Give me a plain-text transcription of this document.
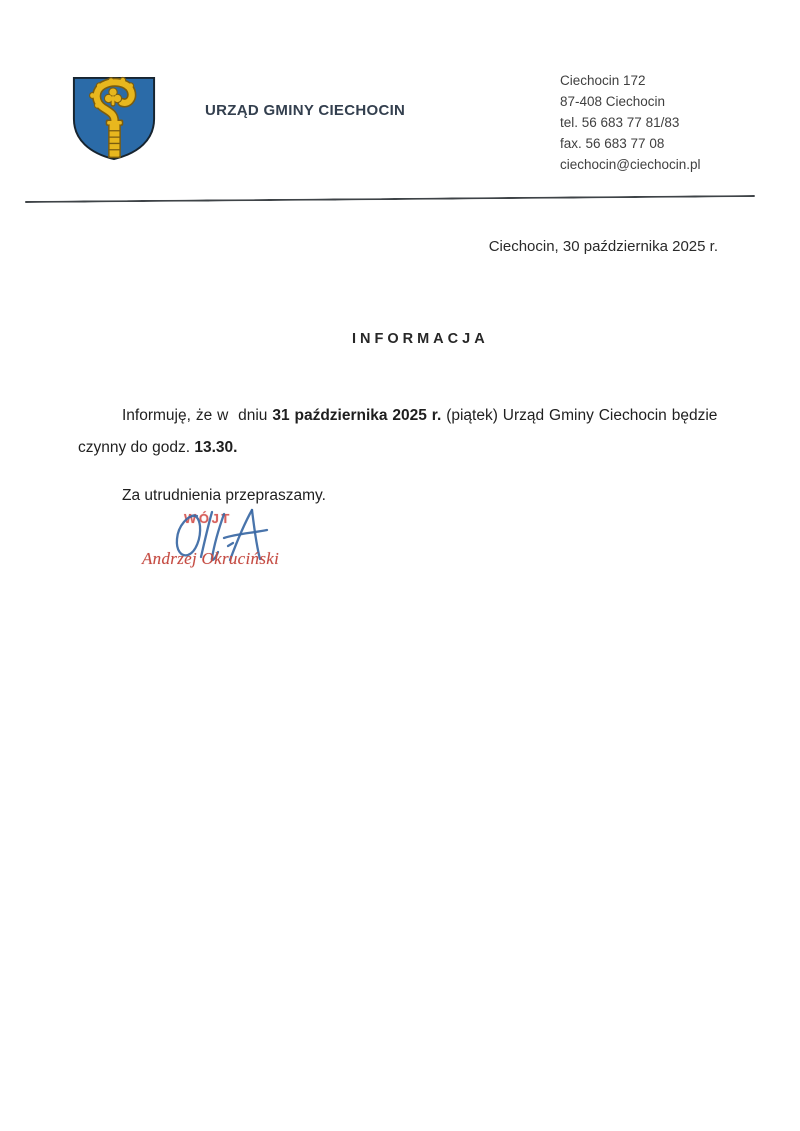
URZĄD GMINY CIECHOCIN
Ciechocin 172
87-408 Ciechocin
tel. 56 683 77 81/83
fax. 56 683 77 08
ciechocin@ciechocin.pl
Ciechocin, 30 października 2025 r.
INFORMACJA
Informuję, że w  dniu 31 października 2025 r. (piątek) Urząd Gminy Ciechocin będzie
czynny do godz. 13.30.
Za utrudnienia przepraszamy.
WÓJT
Andrzej Okruciński
